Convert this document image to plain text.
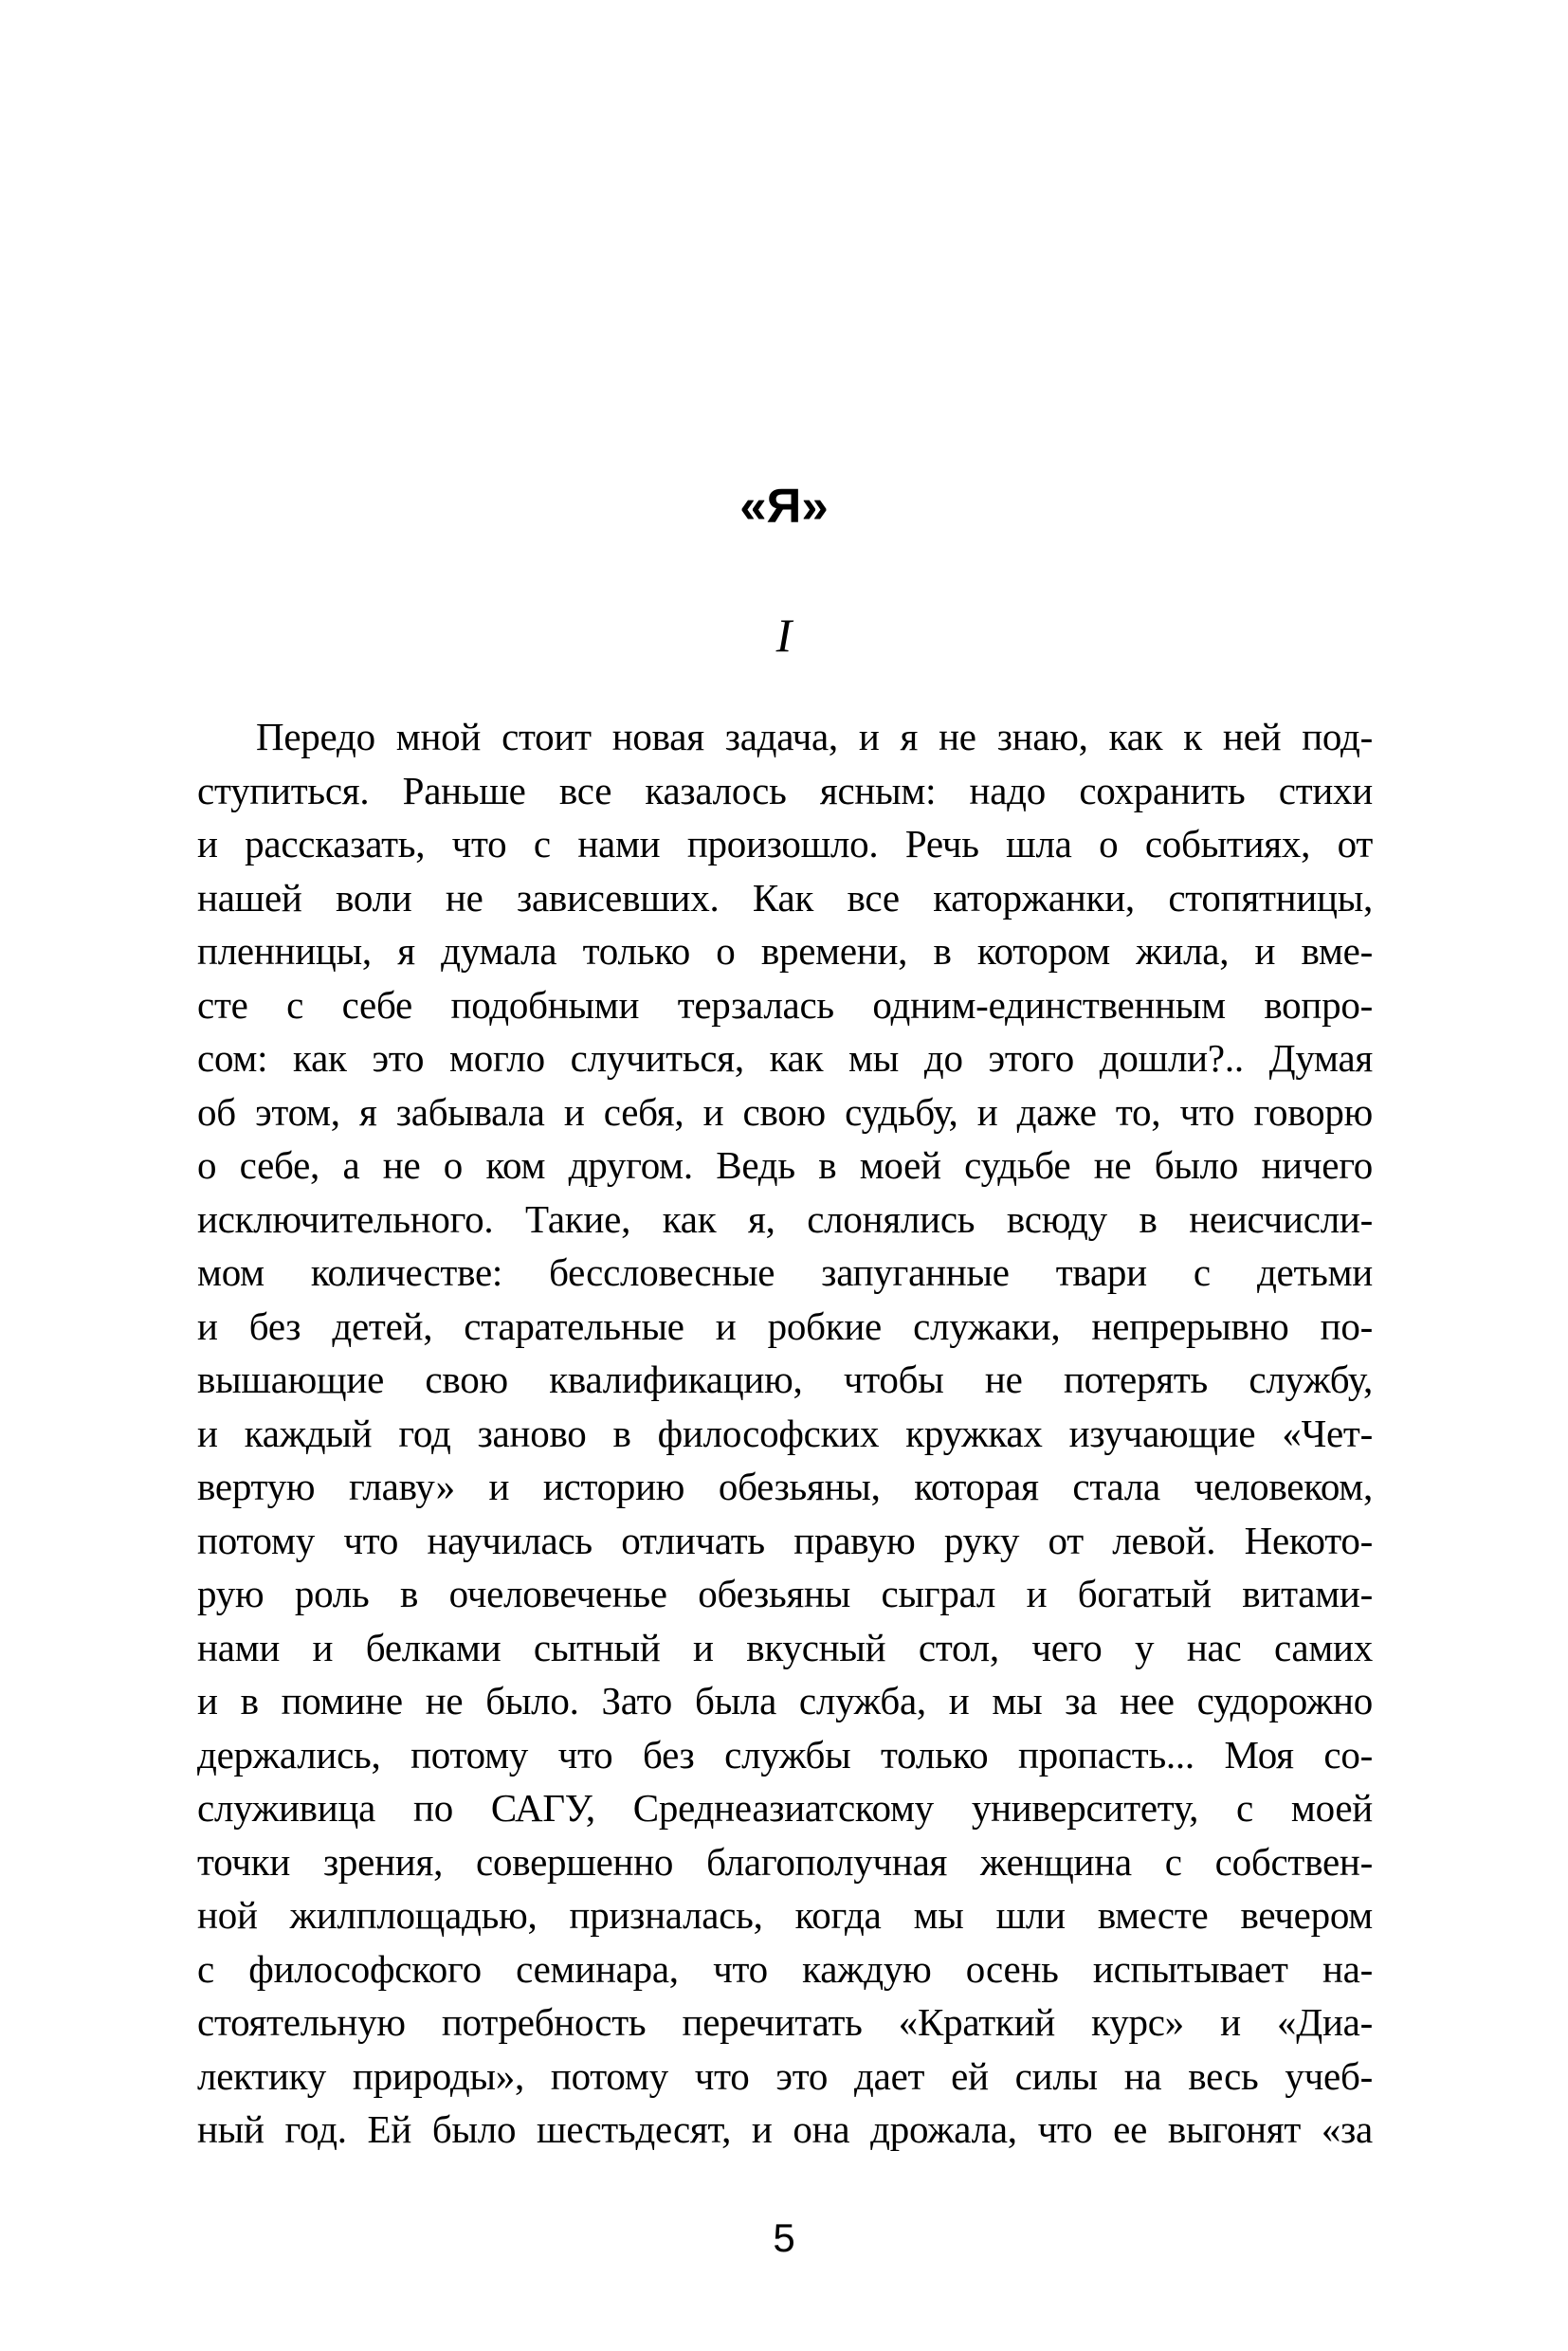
«Я»
I
Передо мной стоит новая задача, и я не знаю, как к ней под-
ступиться. Раньше все казалось ясным: надо сохранить стихи
и рассказать, что с нами произошло. Речь шла о событиях, от
нашей воли не зависевших. Как все каторжанки, стопятницы,
пленницы, я думала только о времени, в котором жила, и вме-
сте с себе подобными терзалась одним-единственным вопро-
сом: как это могло случиться, как мы до этого дошли?.. Думая
об этом, я забывала и себя, и свою судьбу, и даже то, что говорю
о себе, а не о ком другом. Ведь в моей судьбе не было ничего
исключительного. Такие, как я, слонялись всюду в неисчисли-
мом количестве: бессловесные запуганные твари с детьми
и без детей, старательные и робкие служаки, непрерывно по-
вышающие свою квалификацию, чтобы не потерять службу,
и каждый год заново в философских кружках изучающие «Чет-
вертую главу» и историю обезьяны, которая стала человеком,
потому что научилась отличать правую руку от левой. Некото-
рую роль в очеловеченье обезьяны сыграл и богатый витами-
нами и белками сытный и вкусный стол, чего у нас самих
и в помине не было. Зато была служба, и мы за нее судорожно
держались, потому что без службы только пропасть... Моя со-
служивица по САГУ, Среднеазиатскому университету, с моей
точки зрения, совершенно благополучная женщина с собствен-
ной жилплощадью, призналась, когда мы шли вместе вечером
с философского семинара, что каждую осень испытывает на-
стоятельную потребность перечитать «Краткий курс» и «Диа-
лектику природы», потому что это дает ей силы на весь учеб-
ный год. Ей было шестьдесят, и она дрожала, что ее выгонят «за
5
